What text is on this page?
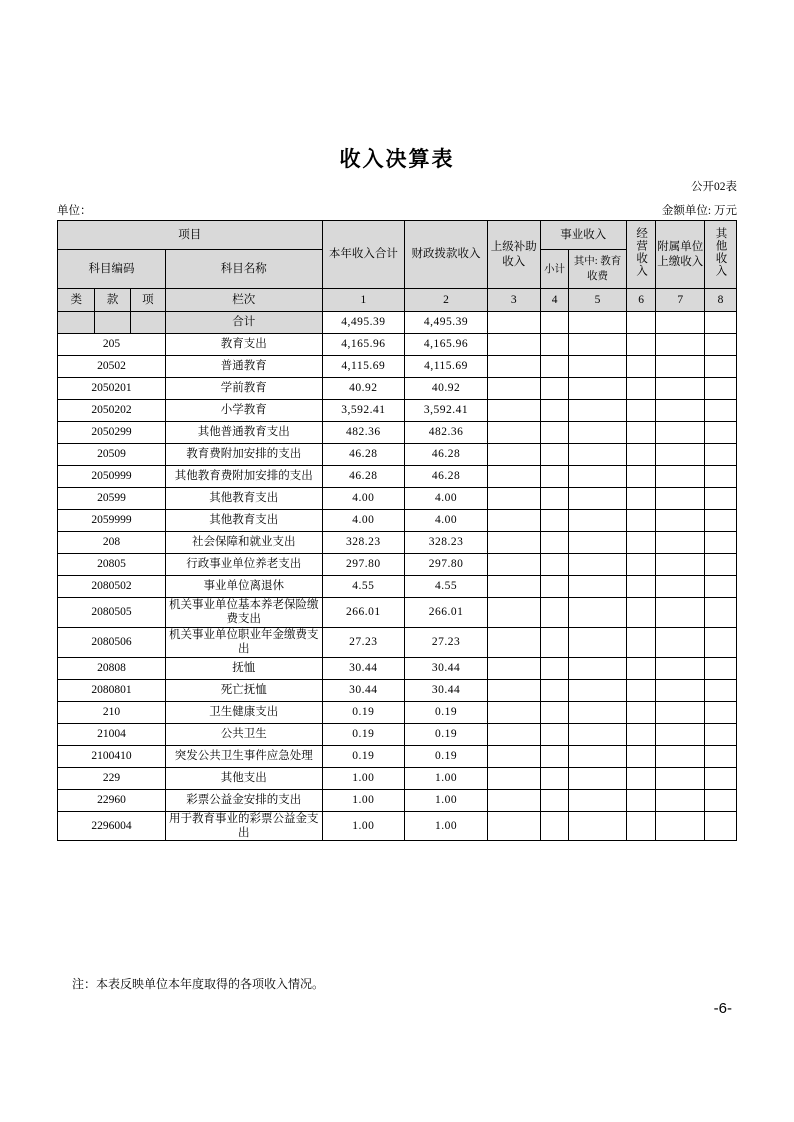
收入决算表
公开02表
单位：	金额单位: 万元
项目				本年收入合计	财政拨款收入	上级补助收入	事业收入		经营收入	附属单位上缴收入	其他收入
科目编码			科目名称				小计	其中: 教育收费			

类	款	项	栏次	1	2	3	4	5	6	7	8
			合计	4,495.39	4,495.39						
205			教育支出	4,165.96	4,165.96						
20502			普通教育	4,115.69	4,115.69						
2050201			学前教育	40.92	40.92						
2050202			小学教育	3,592.41	3,592.41						
2050299			其他普通教育支出	482.36	482.36						
20509			教育费附加安排的支出	46.28	46.28						
2050999			其他教育费附加安排的支出	46.28	46.28						
20599			其他教育支出	4.00	4.00						
2059999			其他教育支出	4.00	4.00						
208			社会保障和就业支出	328.23	328.23						
20805			行政事业单位养老支出	297.80	297.80						
2080502			事业单位离退休	4.55	4.55						
2080505			机关事业单位基本养老保险缴费支出	266.01	266.01						
2080506			机关事业单位职业年金缴费支出	27.23	27.23						
20808			抚恤	30.44	30.44						
2080801			死亡抚恤	30.44	30.44						
210			卫生健康支出	0.19	0.19						
21004			公共卫生	0.19	0.19						
2100410			突发公共卫生事件应急处理	0.19	0.19						
229			其他支出	1.00	1.00						
22960			彩票公益金安排的支出	1.00	1.00						
2296004			用于教育事业的彩票公益金支出	1.00	1.00						
注：本表反映单位本年度取得的各项收入情况。
-6-
